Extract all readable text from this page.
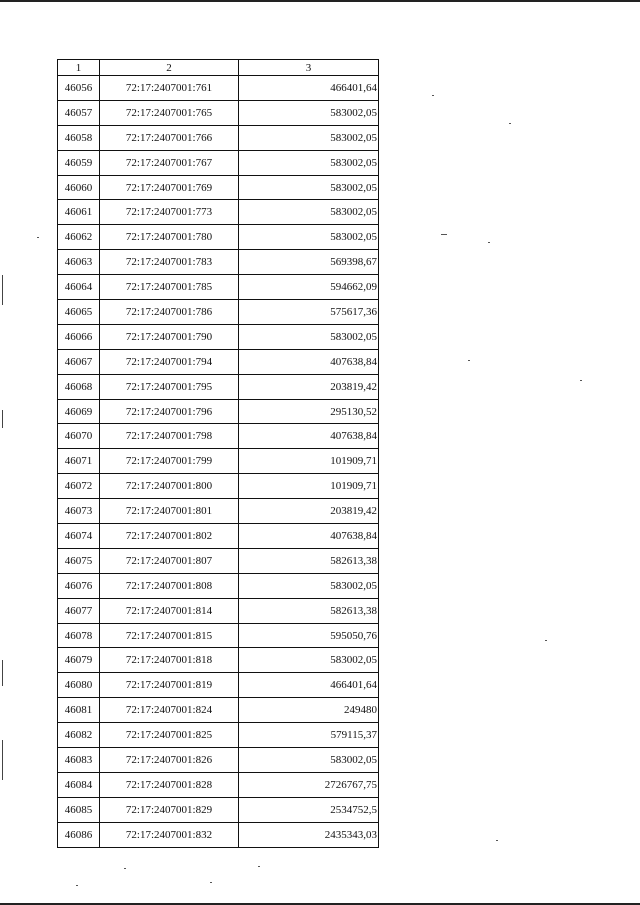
1	2	3
46056	72:17:2407001:761	466401,64
46057	72:17:2407001:765	583002,05
46058	72:17:2407001:766	583002,05
46059	72:17:2407001:767	583002,05
46060	72:17:2407001:769	583002,05
46061	72:17:2407001:773	583002,05
46062	72:17:2407001:780	583002,05
46063	72:17:2407001:783	569398,67
46064	72:17:2407001:785	594662,09
46065	72:17:2407001:786	575617,36
46066	72:17:2407001:790	583002,05
46067	72:17:2407001:794	407638,84
46068	72:17:2407001:795	203819,42
46069	72:17:2407001:796	295130,52
46070	72:17:2407001:798	407638,84
46071	72:17:2407001:799	101909,71
46072	72:17:2407001:800	101909,71
46073	72:17:2407001:801	203819,42
46074	72:17:2407001:802	407638,84
46075	72:17:2407001:807	582613,38
46076	72:17:2407001:808	583002,05
46077	72:17:2407001:814	582613,38
46078	72:17:2407001:815	595050,76
46079	72:17:2407001:818	583002,05
46080	72:17:2407001:819	466401,64
46081	72:17:2407001:824	249480
46082	72:17:2407001:825	579115,37
46083	72:17:2407001:826	583002,05
46084	72:17:2407001:828	2726767,75
46085	72:17:2407001:829	2534752,5
46086	72:17:2407001:832	2435343,03
